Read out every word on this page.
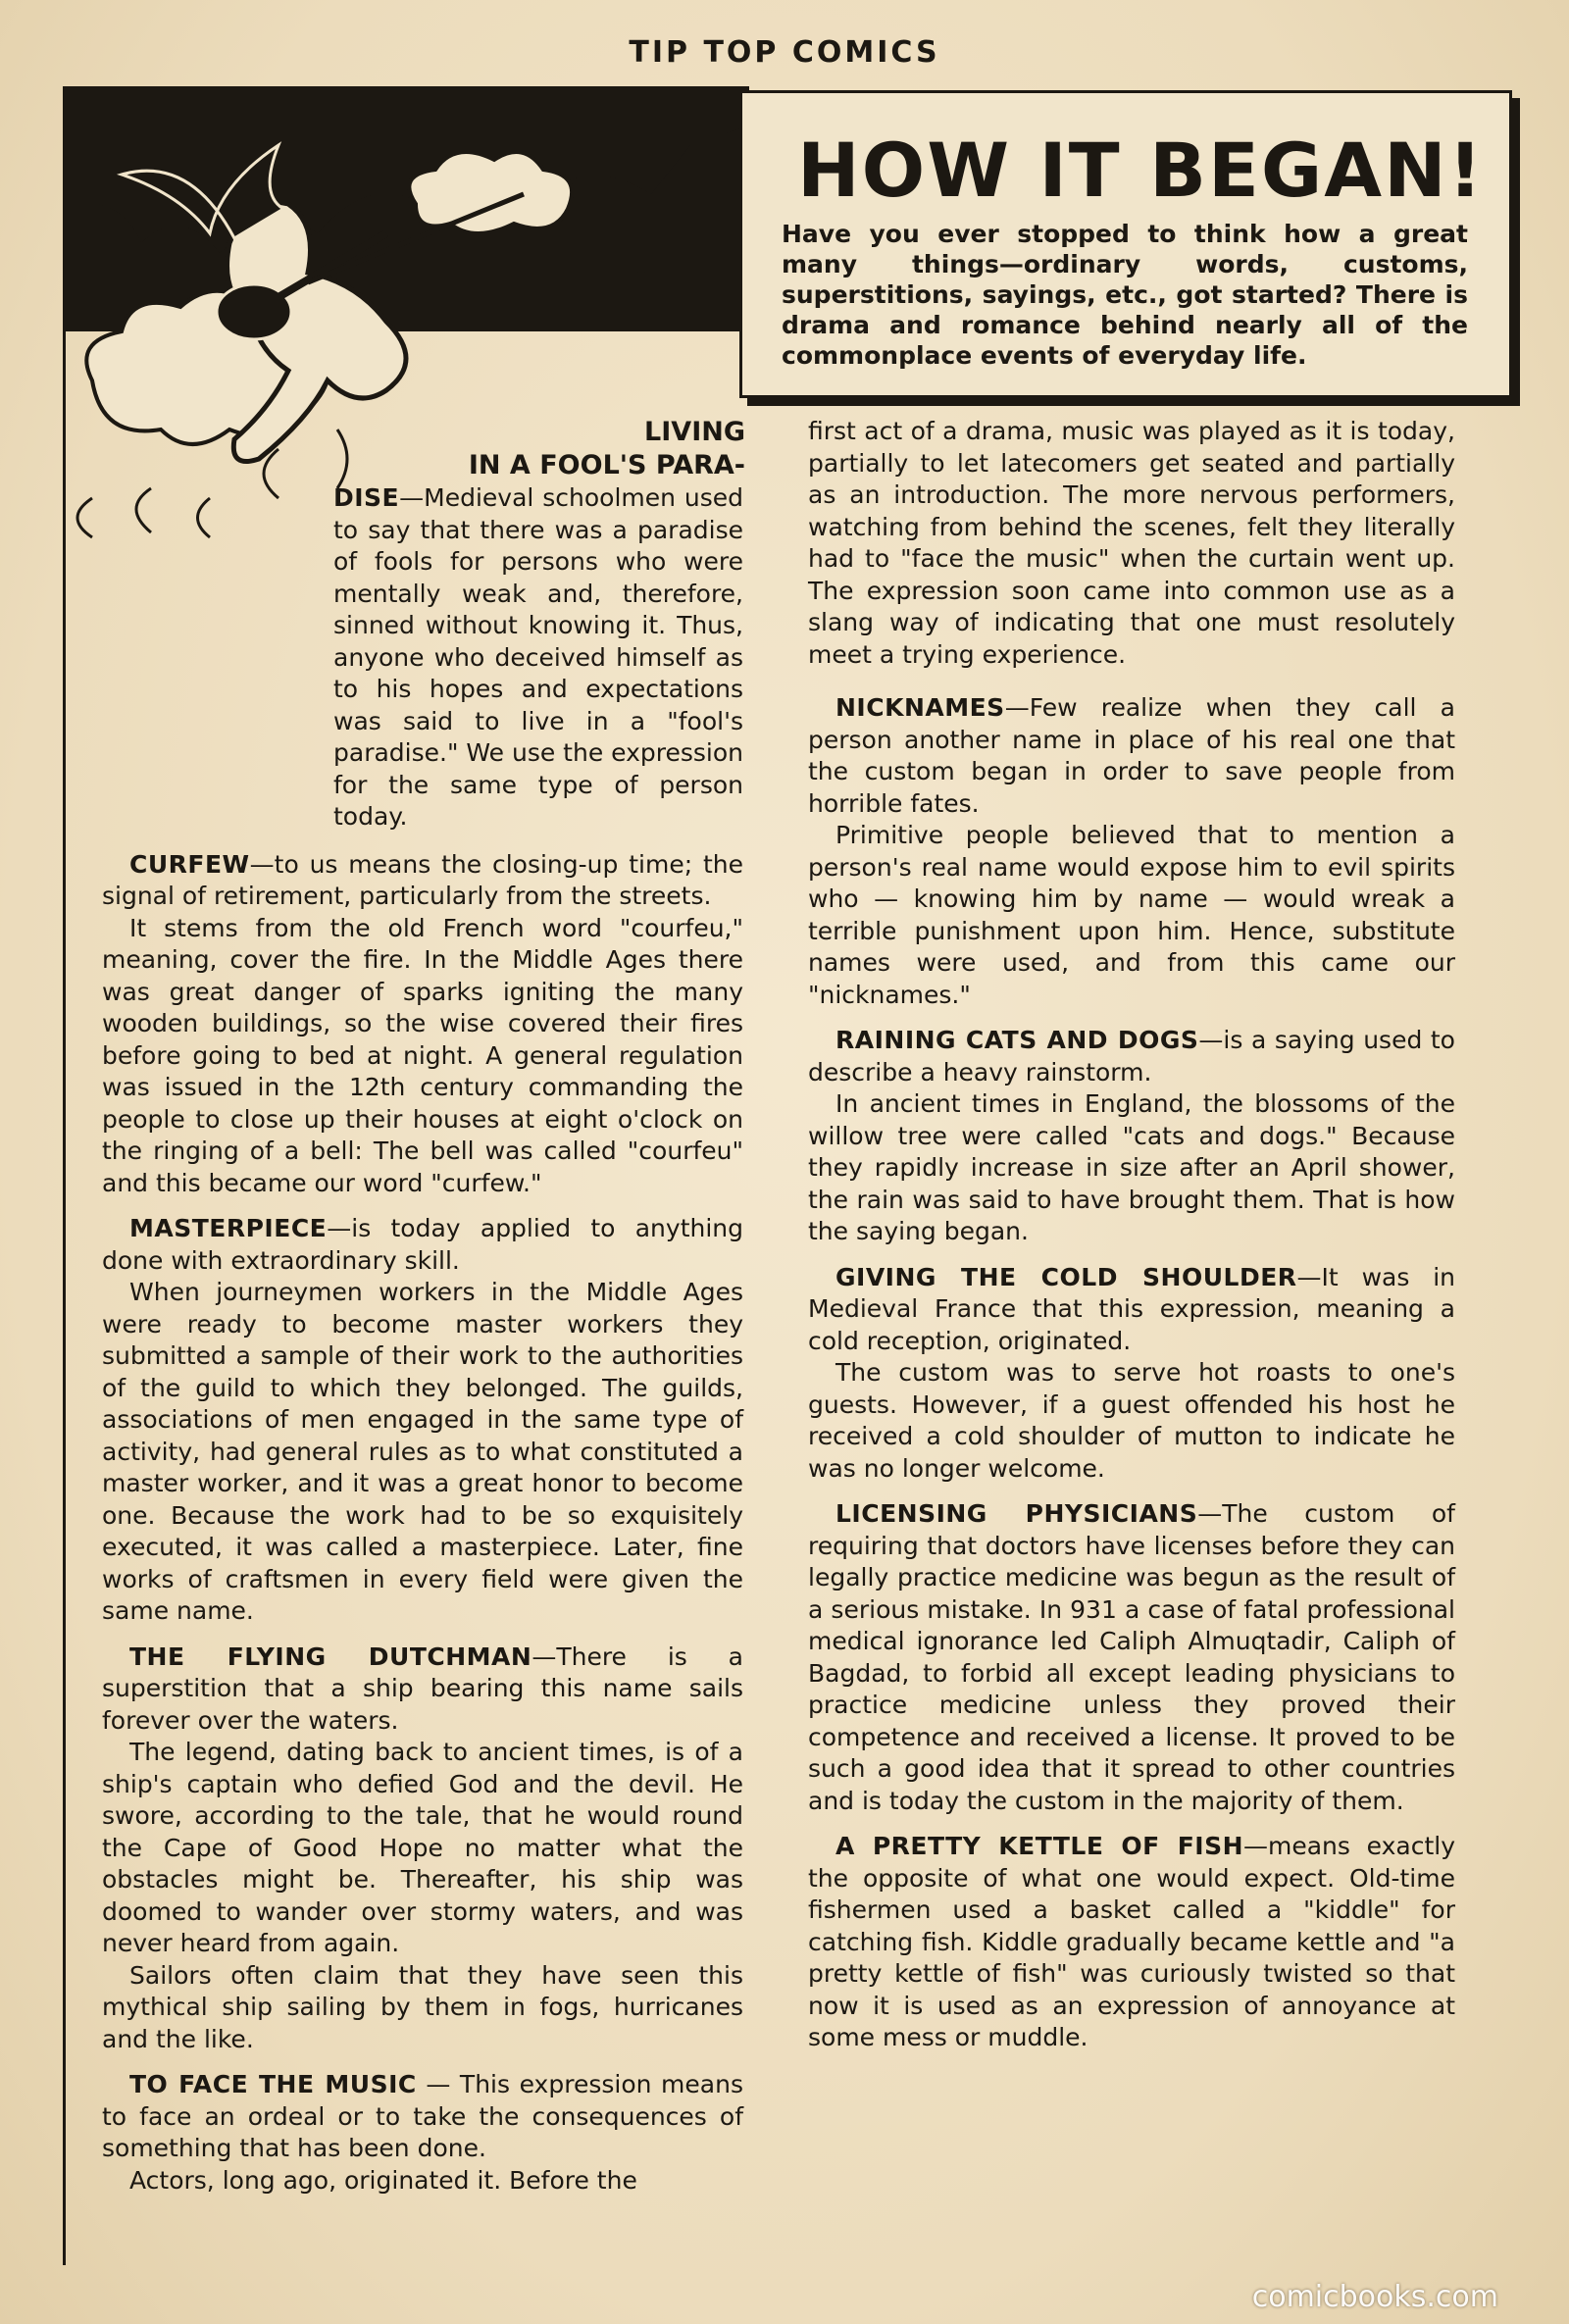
TIP TOP COMICS
HOW IT BEGAN!
Have you ever stopped to think how a great many things—ordinary words, customs, superstitions, sayings, etc., got started? There is drama and romance behind nearly all of the commonplace events of everyday life.
LIVING
IN A FOOL'S PARA-

DISE—Medieval schoolmen used to say that there was a paradise of fools for persons who were mentally weak and, therefore, sinned without knowing it. Thus, anyone who deceived himself as to his hopes and expectations was said to live in a "fool's paradise." We use the expression for the same type of person today.

CURFEW—to us means the closing-up time; the signal of retirement, particularly from the streets.

It stems from the old French word "courfeu," meaning, cover the fire. In the Middle Ages there was great danger of sparks igniting the many wooden buildings, so the wise covered their fires before going to bed at night. A general regulation was issued in the 12th century commanding the people to close up their houses at eight o'clock on the ringing of a bell: The bell was called "courfeu" and this became our word "curfew."

MASTERPIECE—is today applied to anything done with extraordinary skill.

When journeymen workers in the Middle Ages were ready to become master workers they submitted a sample of their work to the authorities of the guild to which they belonged. The guilds, associations of men engaged in the same type of activity, had general rules as to what constituted a master worker, and it was a great honor to become one. Because the work had to be so exquisitely executed, it was called a masterpiece. Later, fine works of craftsmen in every field were given the same name.

THE FLYING DUTCHMAN—There is a superstition that a ship bearing this name sails forever over the waters.

The legend, dating back to ancient times, is of a ship's captain who defied God and the devil. He swore, according to the tale, that he would round the Cape of Good Hope no matter what the obstacles might be. Thereafter, his ship was doomed to wander over stormy waters, and was never heard from again.

Sailors often claim that they have seen this mythical ship sailing by them in fogs, hurricanes and the like.

TO FACE THE MUSIC — This expression means to face an ordeal or to take the consequences of something that has been done.

Actors, long ago, originated it. Before the

first act of a drama, music was played as it is today, partially to let latecomers get seated and partially as an introduction. The more nervous performers, watching from behind the scenes, felt they literally had to "face the music" when the curtain went up. The expression soon came into common use as a slang way of indicating that one must resolutely meet a trying experience.

NICKNAMES—Few realize when they call a person another name in place of his real one that the custom began in order to save people from horrible fates.

Primitive people believed that to mention a person's real name would expose him to evil spirits who — knowing him by name — would wreak a terrible punishment upon him. Hence, substitute names were used, and from this came our "nicknames."

RAINING CATS AND DOGS—is a saying used to describe a heavy rainstorm.

In ancient times in England, the blossoms of the willow tree were called "cats and dogs." Because they rapidly increase in size after an April shower, the rain was said to have brought them. That is how the saying began.

GIVING THE COLD SHOULDER—It was in Medieval France that this expression, meaning a cold reception, originated.

The custom was to serve hot roasts to one's guests. However, if a guest offended his host he received a cold shoulder of mutton to indicate he was no longer welcome.

LICENSING PHYSICIANS—The custom of requiring that doctors have licenses before they can legally practice medicine was begun as the result of a serious mistake. In 931 a case of fatal professional medical ignorance led Caliph Almuqtadir, Caliph of Bagdad, to forbid all except leading physicians to practice medicine unless they proved their competence and received a license. It proved to be such a good idea that it spread to other countries and is today the custom in the majority of them.

A PRETTY KETTLE OF FISH—means exactly the opposite of what one would expect. Old-time fishermen used a basket called a "kiddle" for catching fish. Kiddle gradually became kettle and "a pretty kettle of fish" was curiously twisted so that now it is used as an expression of annoyance at some mess or muddle.

comicbooks.com
